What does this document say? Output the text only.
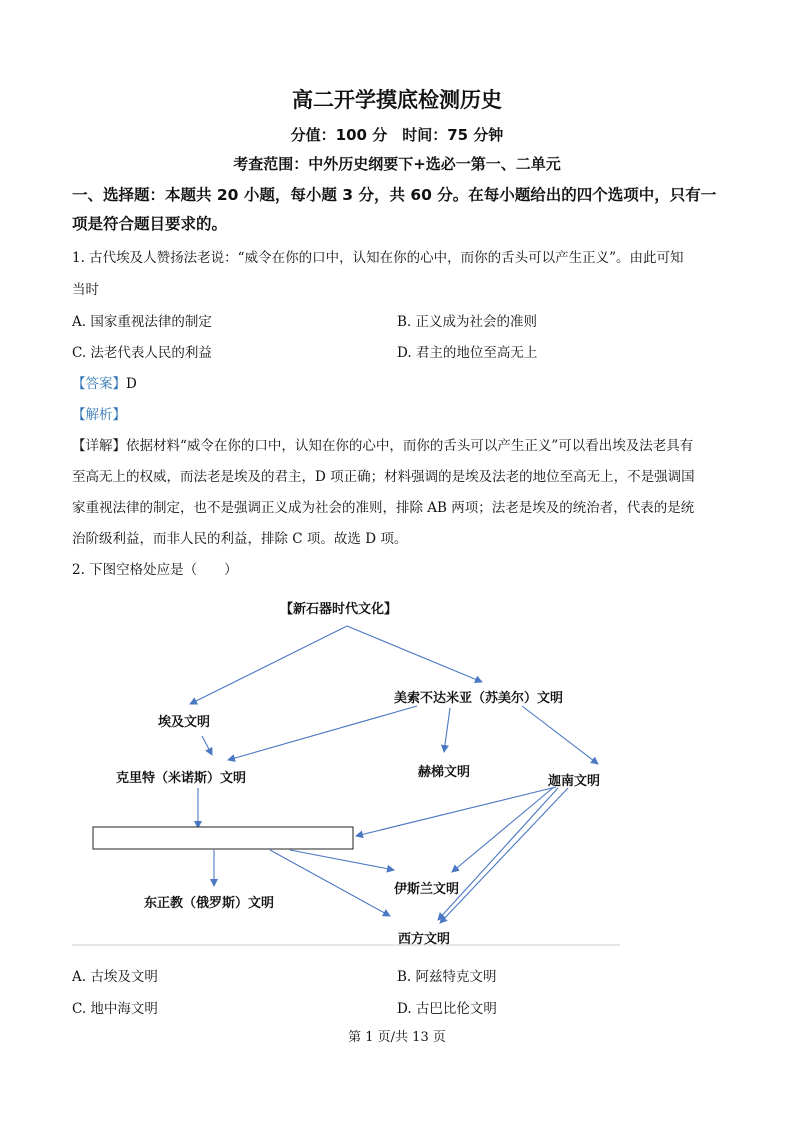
高二开学摸底检测历史
分值：100 分　时间：75 分钟
考查范围：中外历史纲要下+选必一第一、二单元
一、选择题：本题共 20 小题，每小题 3 分，共 60 分。在每小题给出的四个选项中，只有一
项是符合题目要求的。
1. 古代埃及人赞扬法老说：“威令在你的口中，认知在你的心中，而你的舌头可以产生正义”。由此可知
当时
A. 国家重视法律的制定	B. 正义成为社会的准则
C. 法老代表人民的利益	D. 君主的地位至高无上
【答案】D
【解析】
【详解】依据材料“威令在你的口中，认知在你的心中，而你的舌头可以产生正义”可以看出埃及法老具有
至高无上的权威，而法老是埃及的君主，D 项正确；材料强调的是埃及法老的地位至高无上，不是强调国
家重视法律的制定，也不是强调正义成为社会的准则，排除 AB 两项；法老是埃及的统治者，代表的是统
治阶级利益，而非人民的利益，排除 C 项。故选 D 项。
2. 下图空格处应是（　　）
【新石器时代文化】
埃及文明
美索不达米亚（苏美尔）文明
克里特（米诺斯）文明	赫梯文明
迦南文明
东正教（俄罗斯）文明
伊斯兰文明
西方文明
A. 古埃及文明	B. 阿兹特克文明
C. 地中海文明	D. 古巴比伦文明
第 1 页/共 13 页
